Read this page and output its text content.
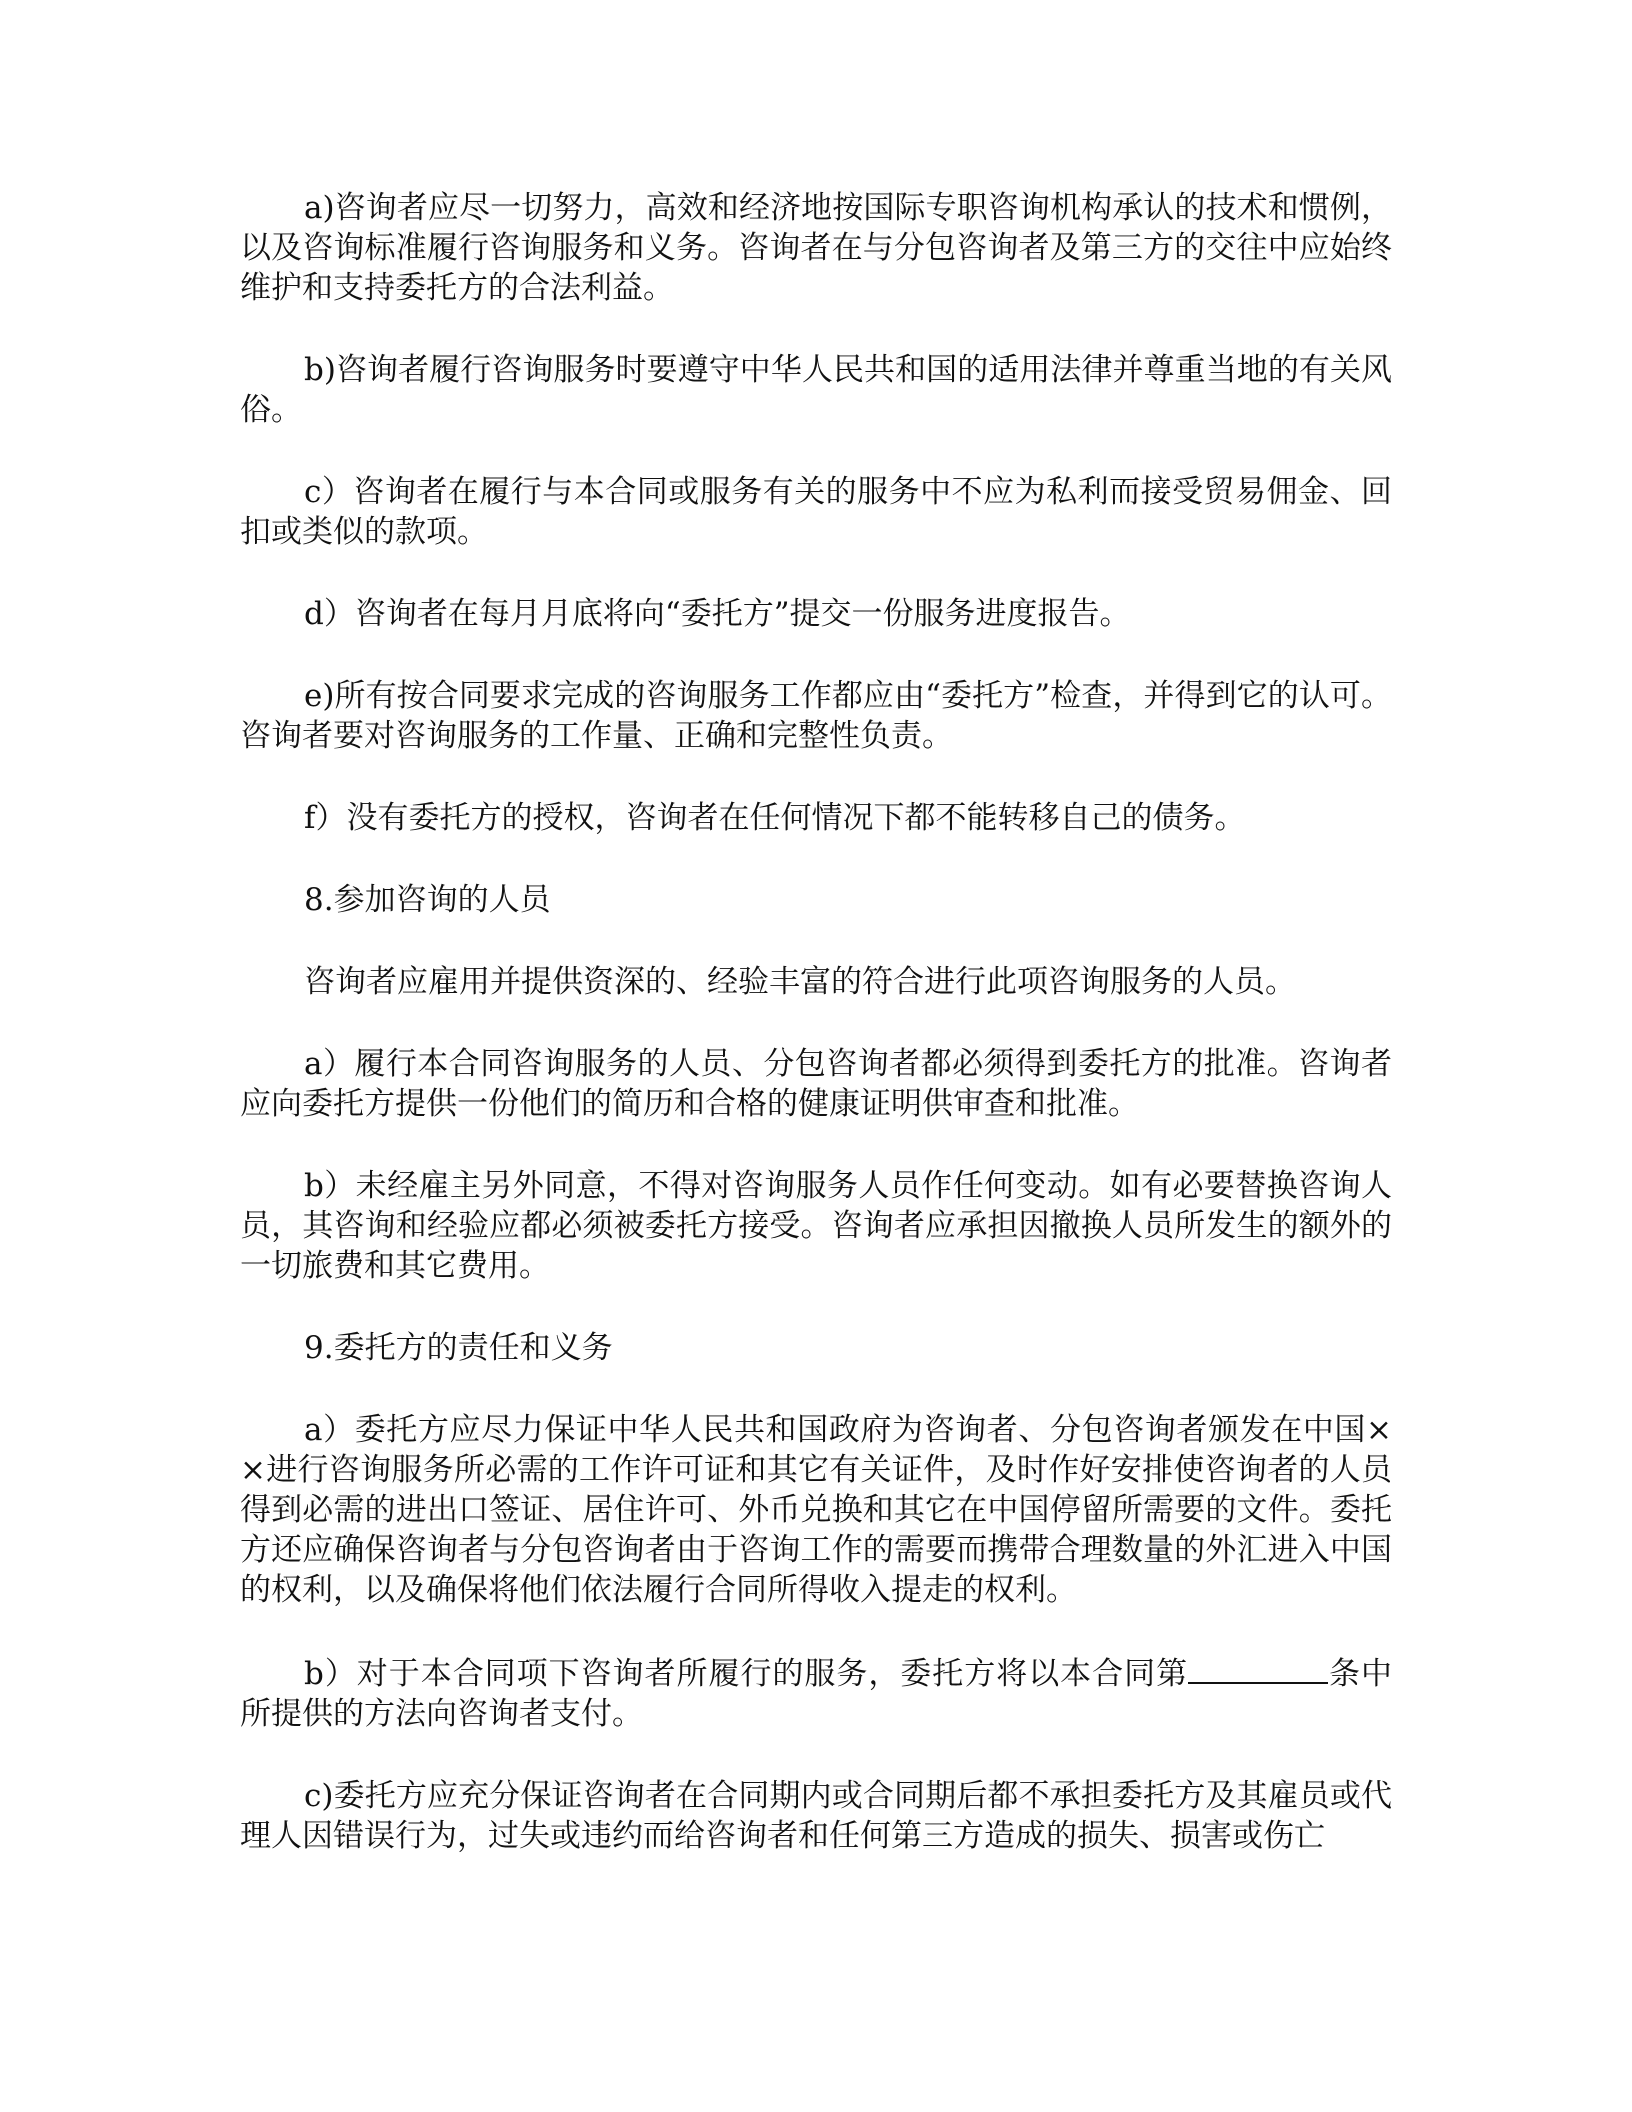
a)咨询者应尽一切努力，高效和经济地按国际专职咨询机构承认的技术和惯例，以及咨询标准履行咨询服务和义务。咨询者在与分包咨询者及第三方的交往中应始终维护和支持委托方的合法利益。

b)咨询者履行咨询服务时要遵守中华人民共和国的适用法律并尊重当地的有关风俗。

c）咨询者在履行与本合同或服务有关的服务中不应为私利而接受贸易佣金、回扣或类似的款项。

d）咨询者在每月月底将向“委托方”提交一份服务进度报告。

e)所有按合同要求完成的咨询服务工作都应由“委托方”检查，并得到它的认可。咨询者要对咨询服务的工作量、正确和完整性负责。

f）没有委托方的授权，咨询者在任何情况下都不能转移自己的债务。

8.参加咨询的人员

咨询者应雇用并提供资深的、经验丰富的符合进行此项咨询服务的人员。

a）履行本合同咨询服务的人员、分包咨询者都必须得到委托方的批准。咨询者应向委托方提供一份他们的简历和合格的健康证明供审查和批准。

b）未经雇主另外同意，不得对咨询服务人员作任何变动。如有必要替换咨询人员，其咨询和经验应都必须被委托方接受。咨询者应承担因撤换人员所发生的额外的一切旅费和其它费用。

9.委托方的责任和义务

a）委托方应尽力保证中华人民共和国政府为咨询者、分包咨询者颁发在中国××进行咨询服务所必需的工作许可证和其它有关证件，及时作好安排使咨询者的人员得到必需的进出口签证、居住许可、外币兑换和其它在中国停留所需要的文件。委托方还应确保咨询者与分包咨询者由于咨询工作的需要而携带合理数量的外汇进入中国的权利，以及确保将他们依法履行合同所得收入提走的权利。

b）对于本合同项下咨询者所履行的服务，委托方将以本合同第	条中所提供的方法向咨询者支付。

c)委托方应充分保证咨询者在合同期内或合同期后都不承担委托方及其雇员或代理人因错误行为，过失或违约而给咨询者和任何第三方造成的损失、损害或伤亡
